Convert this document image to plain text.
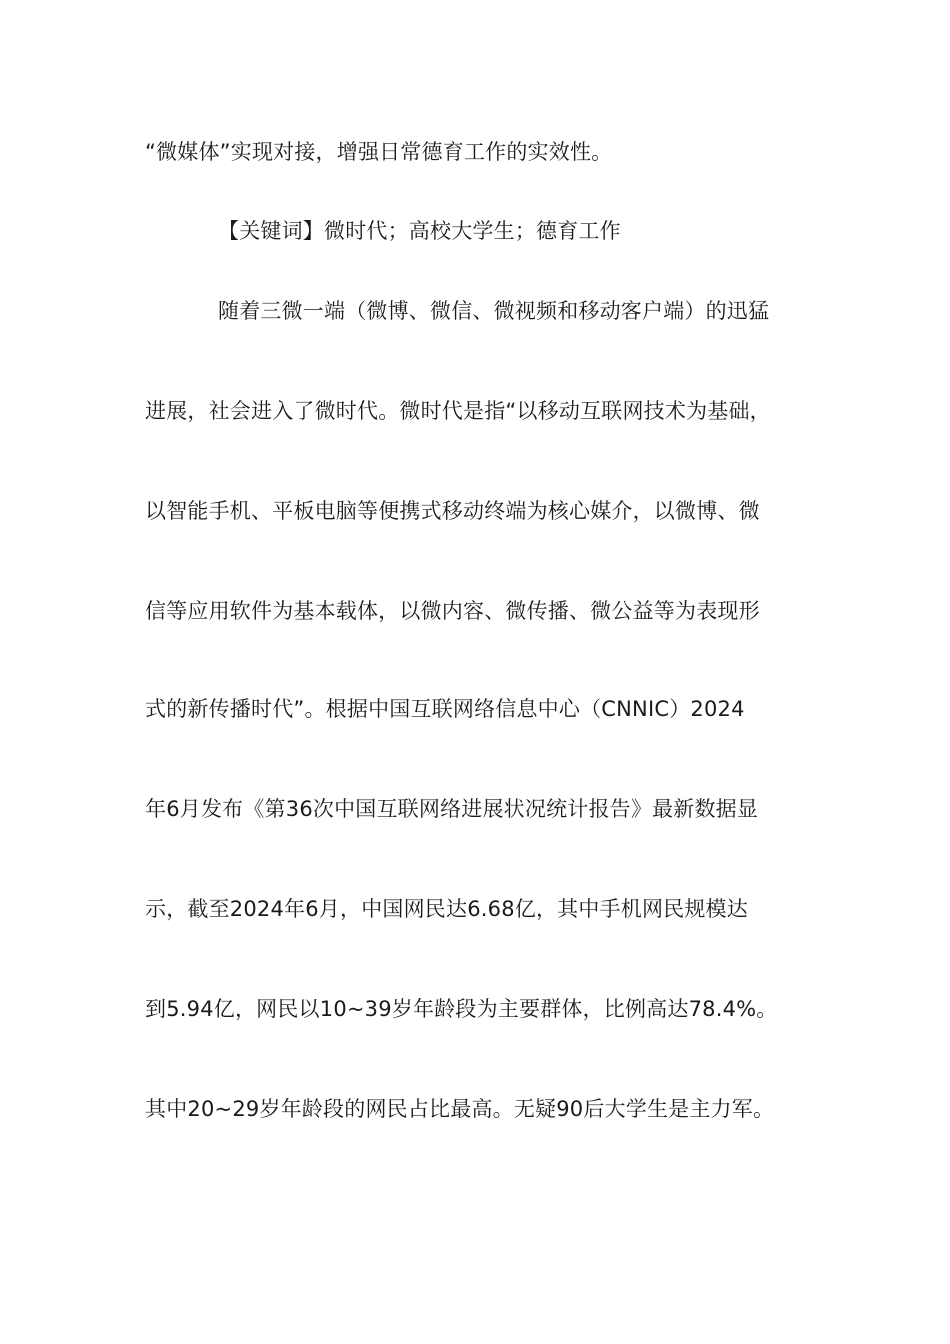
“微媒体”实现对接，增强日常德育工作的实效性。
【关键词】微时代；高校大学生；德育工作
随着三微一端（微博、微信、微视频和移动客户端）的迅猛
进展，社会进入了微时代。微时代是指“以移动互联网技术为基础，
以智能手机、平板电脑等便携式移动终端为核心媒介，以微博、微
信等应用软件为基本载体，以微内容、微传播、微公益等为表现形
式的新传播时代”。根据中国互联网络信息中心（CNNIC）2024
年6月发布《第36次中国互联网络进展状况统计报告》最新数据显
示，截至2024年6月，中国网民达6.68亿，其中手机网民规模达
到5.94亿，网民以10~39岁年龄段为主要群体，比例高达78.4%。
其中20~29岁年龄段的网民占比最高。无疑90后大学生是主力军。
